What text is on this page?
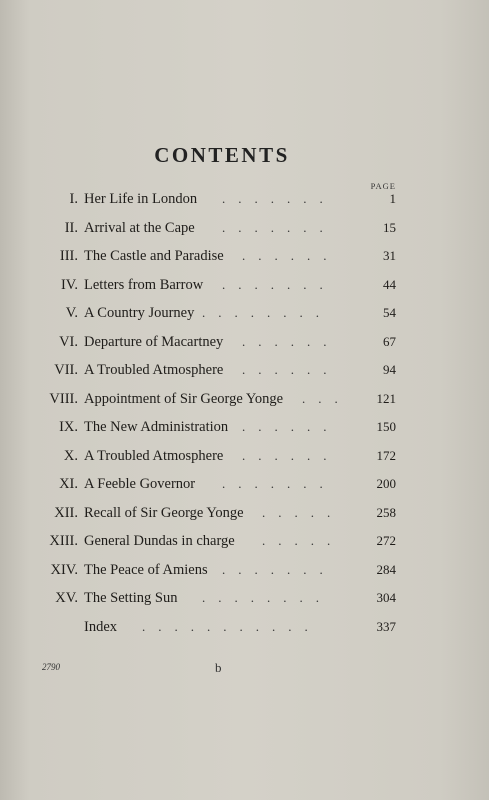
CONTENTS
PAGE
I. Her Life in London .......	1
II. Arrival at the Cape .......	15
III. The Castle and Paradise ......	31
IV. Letters from Barrow .......	44
V. A Country Journey ........	54
VI. Departure of Macartney ......	67
VII. A Troubled Atmosphere ......	94
VIII. Appointment of Sir George Yonge ... 121
IX. The New Administration ......	150
X. A Troubled Atmosphere ......	172
XI. A Feeble Governor .......	200
XII. Recall of Sir George Yonge .....	258
XIII. General Dundas in charge .....	272
XIV. The Peace of Amiens .......	284
XV. The Setting Sun ........	304
Index ...........	337
2790	b
